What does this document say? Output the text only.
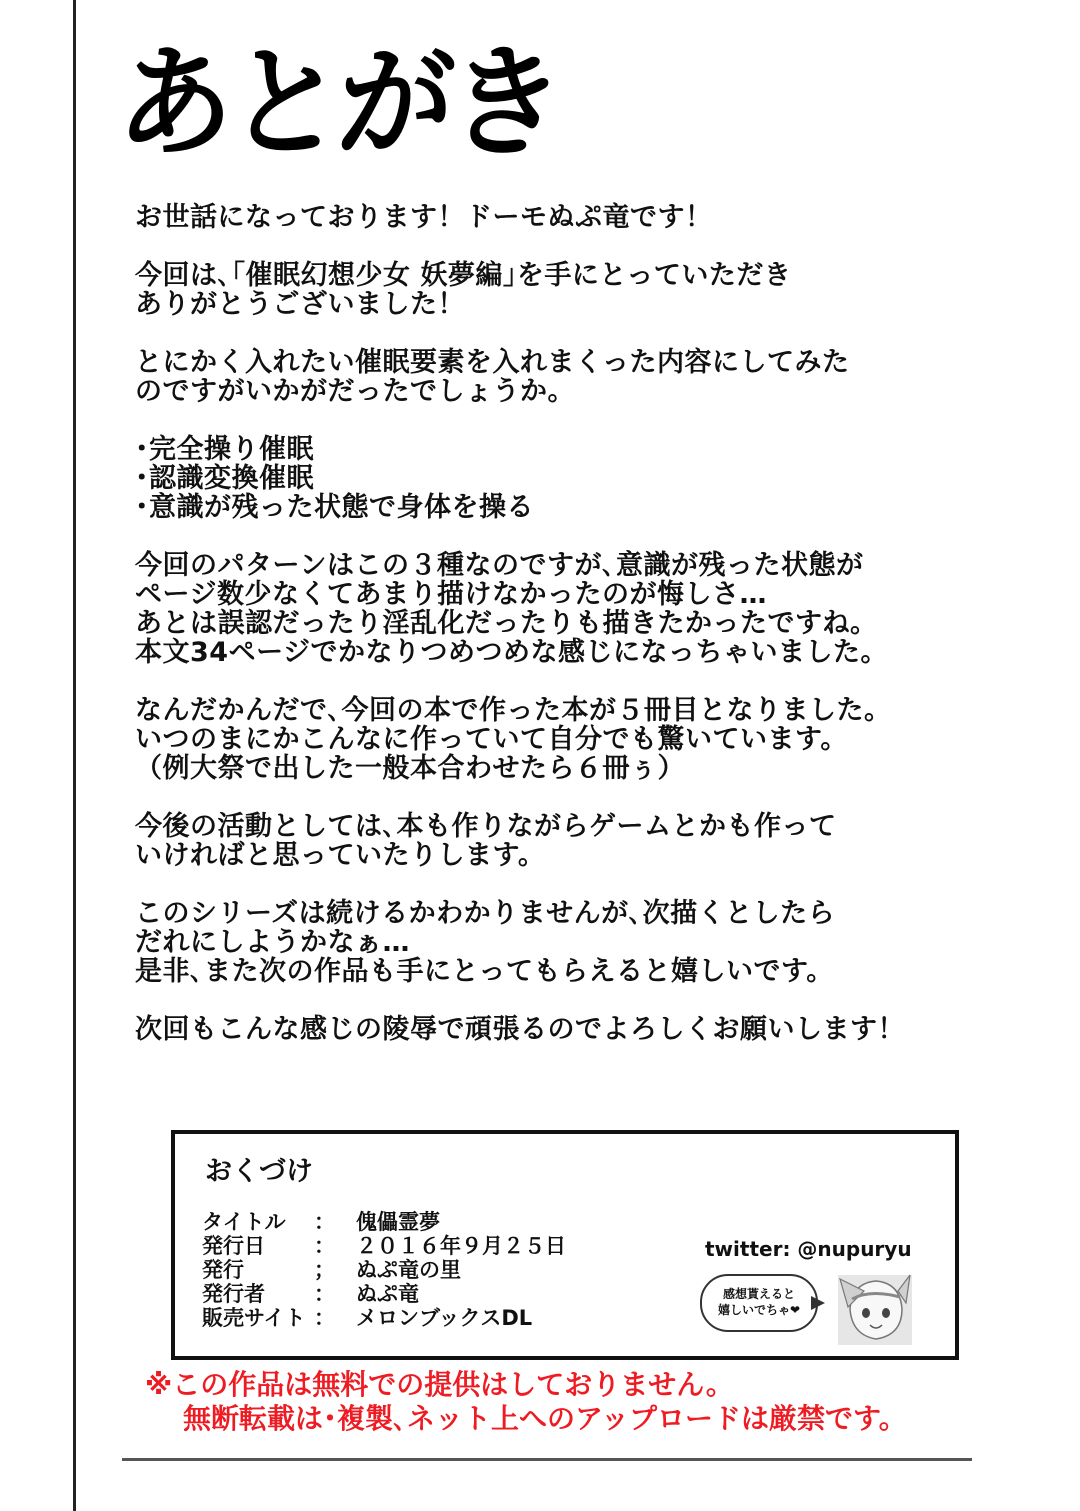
あとがき
お世話になっております！ドーモぬぷ竜です！
今回は､｢催眠幻想少女 妖夢編｣を手にとっていただき
ありがとうございました！
とにかく入れたい催眠要素を入れまくった内容にしてみた
のですがいかがだったでしょうか。
･完全操り催眠
･認識変換催眠
･意識が残った状態で身体を操る
今回のパターンはこの３種なのですが､意識が残った状態が
ページ数少なくてあまり描けなかったのが悔しさ…
あとは誤認だったり淫乱化だったりも描きたかったですね。
本文34ページでかなりつめつめな感じになっちゃいました。
なんだかんだで､今回の本で作った本が５冊目となりました。
いつのまにかこんなに作っていて自分でも驚いています。
（例大祭で出した一般本合わせたら６冊ぅ）
今後の活動としては､本も作りながらゲームとかも作って
いければと思っていたりします。
このシリーズは続けるかわかりませんが､次描くとしたら
だれにしようかなぁ…
是非､また次の作品も手にとってもらえると嬉しいです。
次回もこんな感じの陵辱で頑張るのでよろしくお願いします！
おくづけ
タイトル	：	傀儡霊夢
発行日	：	２０１６年９月２５日
発行	；	ぬぷ竜の里
発行者	：	ぬぷ竜
販売サイト ：	メロンブックスDL
twitter: @nupuryu
感想貰えると
嬉しいでちゃ❤
※この作品は無料での提供はしておりません。
無断転載は･複製､ネット上へのアップロードは厳禁です。
